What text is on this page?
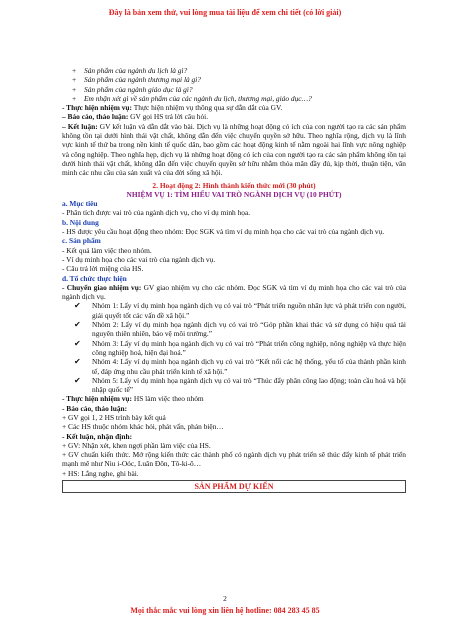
Đây là bản xem thử, vui lòng mua tài liệu để xem chi tiết (có lời giải)
+ Sản phẩm của ngành du lịch là gì?
+ Sản phẩm của ngành thương mại là gì?
+ Sản phẩm của ngành giáo dục là gì?
+ Em nhận xét gì về sản phẩm của các ngành du lịch, thương mại, giáo dục…?

- Thực hiện nhiệm vụ: Thực hiện nhiệm vụ thông qua sự dẫn dắt của GV.

– Báo cáo, thảo luận: GV gọi HS trả lời câu hỏi.

– Kết luận: GV kết luận và dẫn dắt vào bài. Dịch vụ là những hoạt động có ích của con người tạo ra các sản phẩm không tồn tại dưới hình thái vật chất, không dẫn đến việc chuyển quyền sở hữu. Theo nghĩa rộng, dịch vụ là lĩnh vực kinh tế thứ ba trong nền kinh tế quốc dân, bao gồm các hoạt động kinh tế nằm ngoài hai lĩnh vực nông nghiệp và công nghiệp. Theo nghĩa hẹp, dịch vụ là những hoạt động có ích của con người tạo ra các sản phẩm không tồn tại dưới hình thái vật chất, không dẫn đến việc chuyển quyền sở hữu nhằm thỏa mãn đầy đủ, kịp thời, thuận tiện, văn minh các nhu cầu của sản xuất và của đời sống xã hội.

2. Hoạt động 2: Hình thành kiến thức mới (30 phút)

NHIỆM VỤ 1: TÌM HIỂU VAI TRÒ NGÀNH DỊCH VỤ (10 PHÚT)

a. Mục tiêu

- Phân tích được vai trò của ngành dịch vụ, cho ví dụ minh họa.

b. Nội dung

- HS được yêu cầu hoạt động theo nhóm: Đọc SGK và tìm ví dụ minh họa cho các vai trò của ngành dịch vụ.

c. Sản phẩm

- Kết quả làm việc theo nhóm.

- Ví dụ minh họa cho các vai trò của ngành dịch vụ.

- Câu trả lời miệng của HS.

d. Tổ chức thực hiện

- Chuyển giao nhiệm vụ: GV giao nhiệm vụ cho các nhóm. Đọc SGK và tìm ví dụ minh họa cho các vai trò của ngành dịch vụ.

✔ Nhóm 1: Lấy ví dụ minh họa ngành dịch vụ có vai trò “Phát triển nguồn nhân lực và phát triển con người, giải quyết tốt các vấn đề xã hội.”
✔ Nhóm 2: Lấy ví dụ minh họa ngành dịch vụ có vai trò “Góp phần khai thác và sử dụng có hiệu quả tài nguyên thiên nhiên, bảo vệ môi trường.”
✔ Nhóm 3: Lấy ví dụ minh họa ngành dịch vụ có vai trò “Phát triển công nghiệp, nông nghiệp và thực hiện công nghiệp hoá, hiện đại hoá.”
✔ Nhóm 4: Lấy ví dụ minh họa ngành dịch vụ có vai trò “Kết nối các hệ thống, yếu tố của thành phần kinh tế, đáp ứng nhu cầu phát triển kinh tế xã hội.”
✔ Nhóm 5: Lấy ví dụ minh họa ngành dịch vụ có vai trò “Thúc đẩy phân công lao động; toàn cầu hoá và hội nhập quốc tế”

- Thực hiện nhiệm vụ: HS làm việc theo nhóm

- Báo cáo, thảo luận:

+ GV gọi 1, 2 HS trình bày kết quả

+ Các HS thuộc nhóm khác hỏi, phát vấn, phản biện…

- Kết luận, nhận định:

+ GV: Nhận xét, khen ngợi phần làm việc của HS.

+ GV chuẩn kiến thức. Mở rộng kiến thức các thành phố có ngành dịch vụ phát triển sẽ thúc đẩy kinh tế phát triển mạnh mẽ như Niu i-Oóc, Luân Đôn, Tô-ki-ô…

+ HS: Lắng nghe, ghi bài.

SẢN PHẨM DỰ KIẾN
2
Mọi thắc mắc vui lòng xin liên hệ hotline: 084 283 45 85
